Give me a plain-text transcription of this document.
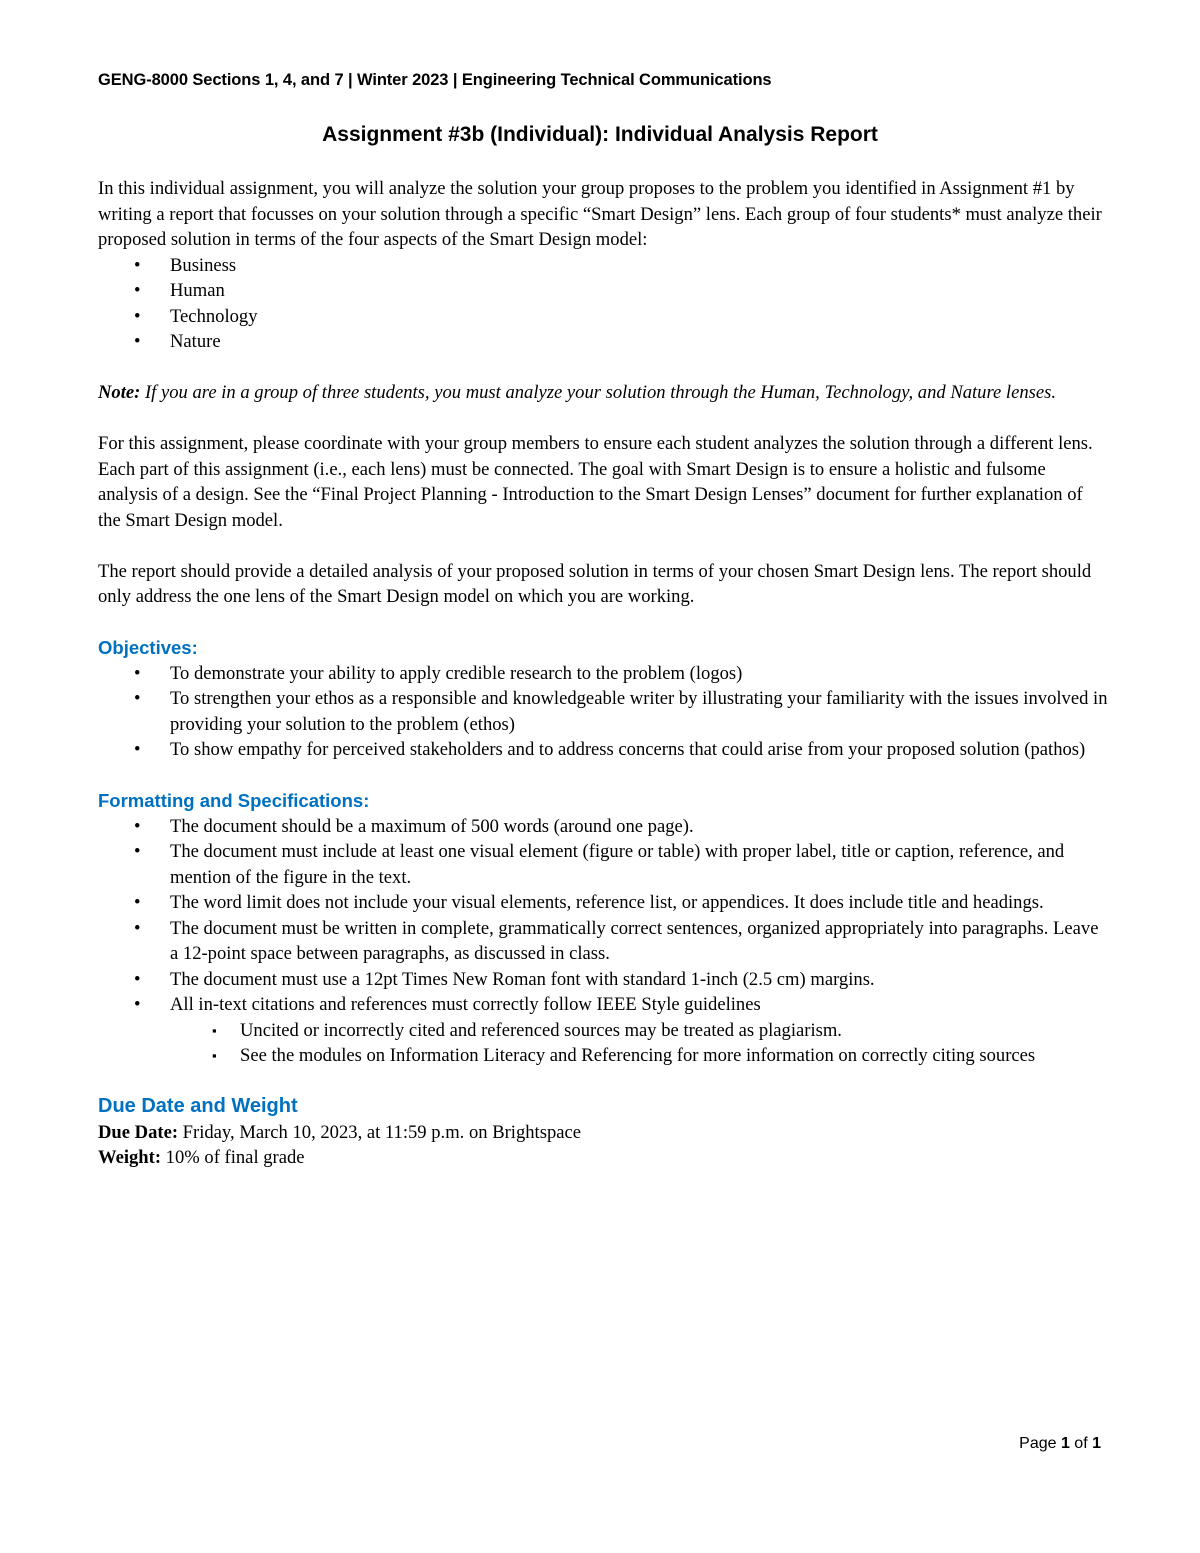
GENG-8000 Sections 1, 4, and 7 | Winter 2023 | Engineering Technical Communications
Assignment #3b (Individual): Individual Analysis Report

In this individual assignment, you will analyze the solution your group proposes to the problem you identified in Assignment #1 by writing a report that focusses on your solution through a specific “Smart Design” lens. Each group of four students* must analyze their proposed solution in terms of the four aspects of the Smart Design model:

• Business
• Human
• Technology
• Nature

Note: If you are in a group of three students, you must analyze your solution through the Human, Technology, and Nature lenses.

For this assignment, please coordinate with your group members to ensure each student analyzes the solution through a different lens. Each part of this assignment (i.e., each lens) must be connected. The goal with Smart Design is to ensure a holistic and fulsome analysis of a design. See the “Final Project Planning - Introduction to the Smart Design Lenses” document for further explanation of the Smart Design model.

The report should provide a detailed analysis of your proposed solution in terms of your chosen Smart Design lens. The report should only address the one lens of the Smart Design model on which you are working.

Objectives:

• To demonstrate your ability to apply credible research to the problem (logos)
• To strengthen your ethos as a responsible and knowledgeable writer by illustrating your familiarity with the issues involved in providing your solution to the problem (ethos)
• To show empathy for perceived stakeholders and to address concerns that could arise from your proposed solution (pathos)

Formatting and Specifications:

• The document should be a maximum of 500 words (around one page).
• The document must include at least one visual element (figure or table) with proper label, title or caption, reference, and mention of the figure in the text.
• The word limit does not include your visual elements, reference list, or appendices. It does include title and headings.
• The document must be written in complete, grammatically correct sentences, organized appropriately into paragraphs. Leave a 12-point space between paragraphs, as discussed in class.
• The document must use a 12pt Times New Roman font with standard 1-inch (2.5 cm) margins.
• All in-text citations and references must correctly follow IEEE Style guidelines
▪ Uncited or incorrectly cited and referenced sources may be treated as plagiarism.
▪ See the modules on Information Literacy and Referencing for more information on correctly citing sources

Due Date and Weight

Due Date: Friday, March 10, 2023, at 11:59 p.m. on Brightspace

Weight: 10% of final grade

Page 1 of 1
